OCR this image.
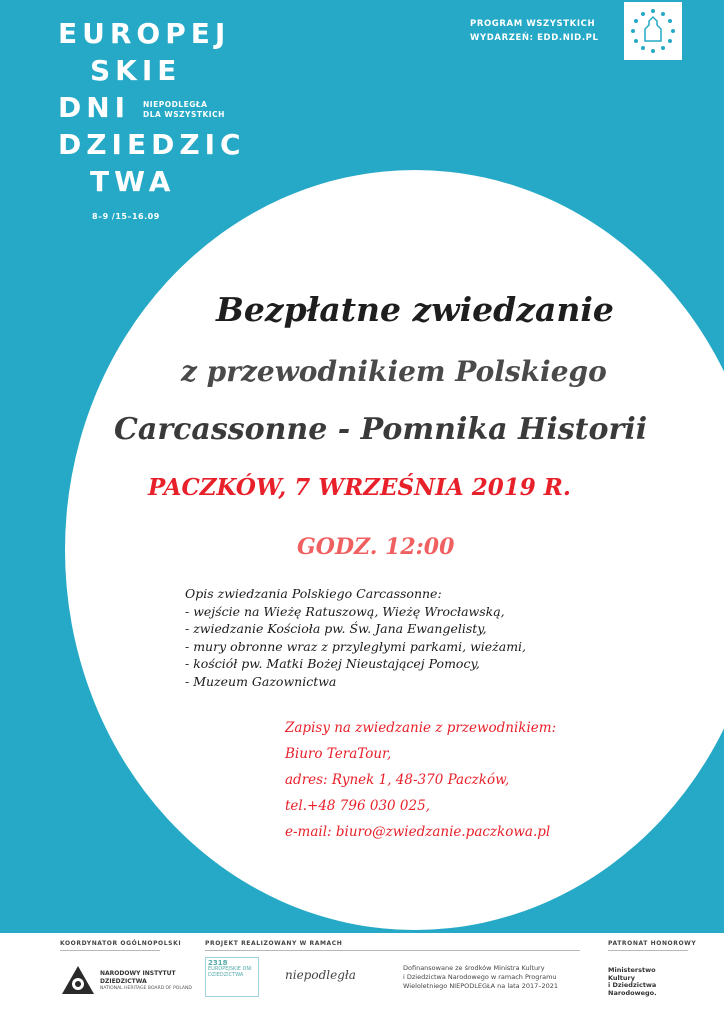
EUROPEJ
SKIE
DNI
DZIEDZIC
TWA
NIEPODLEGŁA
DLA WSZYSTKICH
8–9 /15–16.09
PROGRAM WSZYSTKICH
WYDARZEŃ: EDD.NID.PL
Bezpłatne zwiedzanie
z przewodnikiem Polskiego
Carcassonne - Pomnika Historii
PACZKÓW, 7 WRZEŚNIA 2019 R.
GODZ. 12:00
Opis zwiedzania Polskiego Carcassonne:
- wejście na Wieżę Ratuszową, Wieżę Wrocławską,
- zwiedzanie Kościoła pw. Św. Jana Ewangelisty,
- mury obronne wraz z przyległymi parkami, wieżami,
- kościół pw. Matki Bożej Nieustającej Pomocy,
- Muzeum Gazownictwa
Zapisy na zwiedzanie z przewodnikiem:
Biuro TeraTour,
adres: Rynek 1, 48-370 Paczków,
tel.+48 796 030 025,
e-mail: biuro@zwiedzanie.paczkowa.pl
KOORDYNATOR OGÓLNOPOLSKI	PROJEKT REALIZOWANY W RAMACH	PATRONAT HONOROWY
NARODOWY INSTYTUT
DZIEDZICTWA
NATIONAL HERITAGE BOARD OF POLAND
2318
EUROPEJSKIE DNI DZIEDZICTWA	niepodległa	Dofinansowane ze środków Ministra Kultury
i Dziedzictwa Narodowego w ramach Programu
Wieloletniego NIEPODLEGŁA na lata 2017–2021
Ministerstwo
Kultury
i Dziedzictwa
Narodowego.
